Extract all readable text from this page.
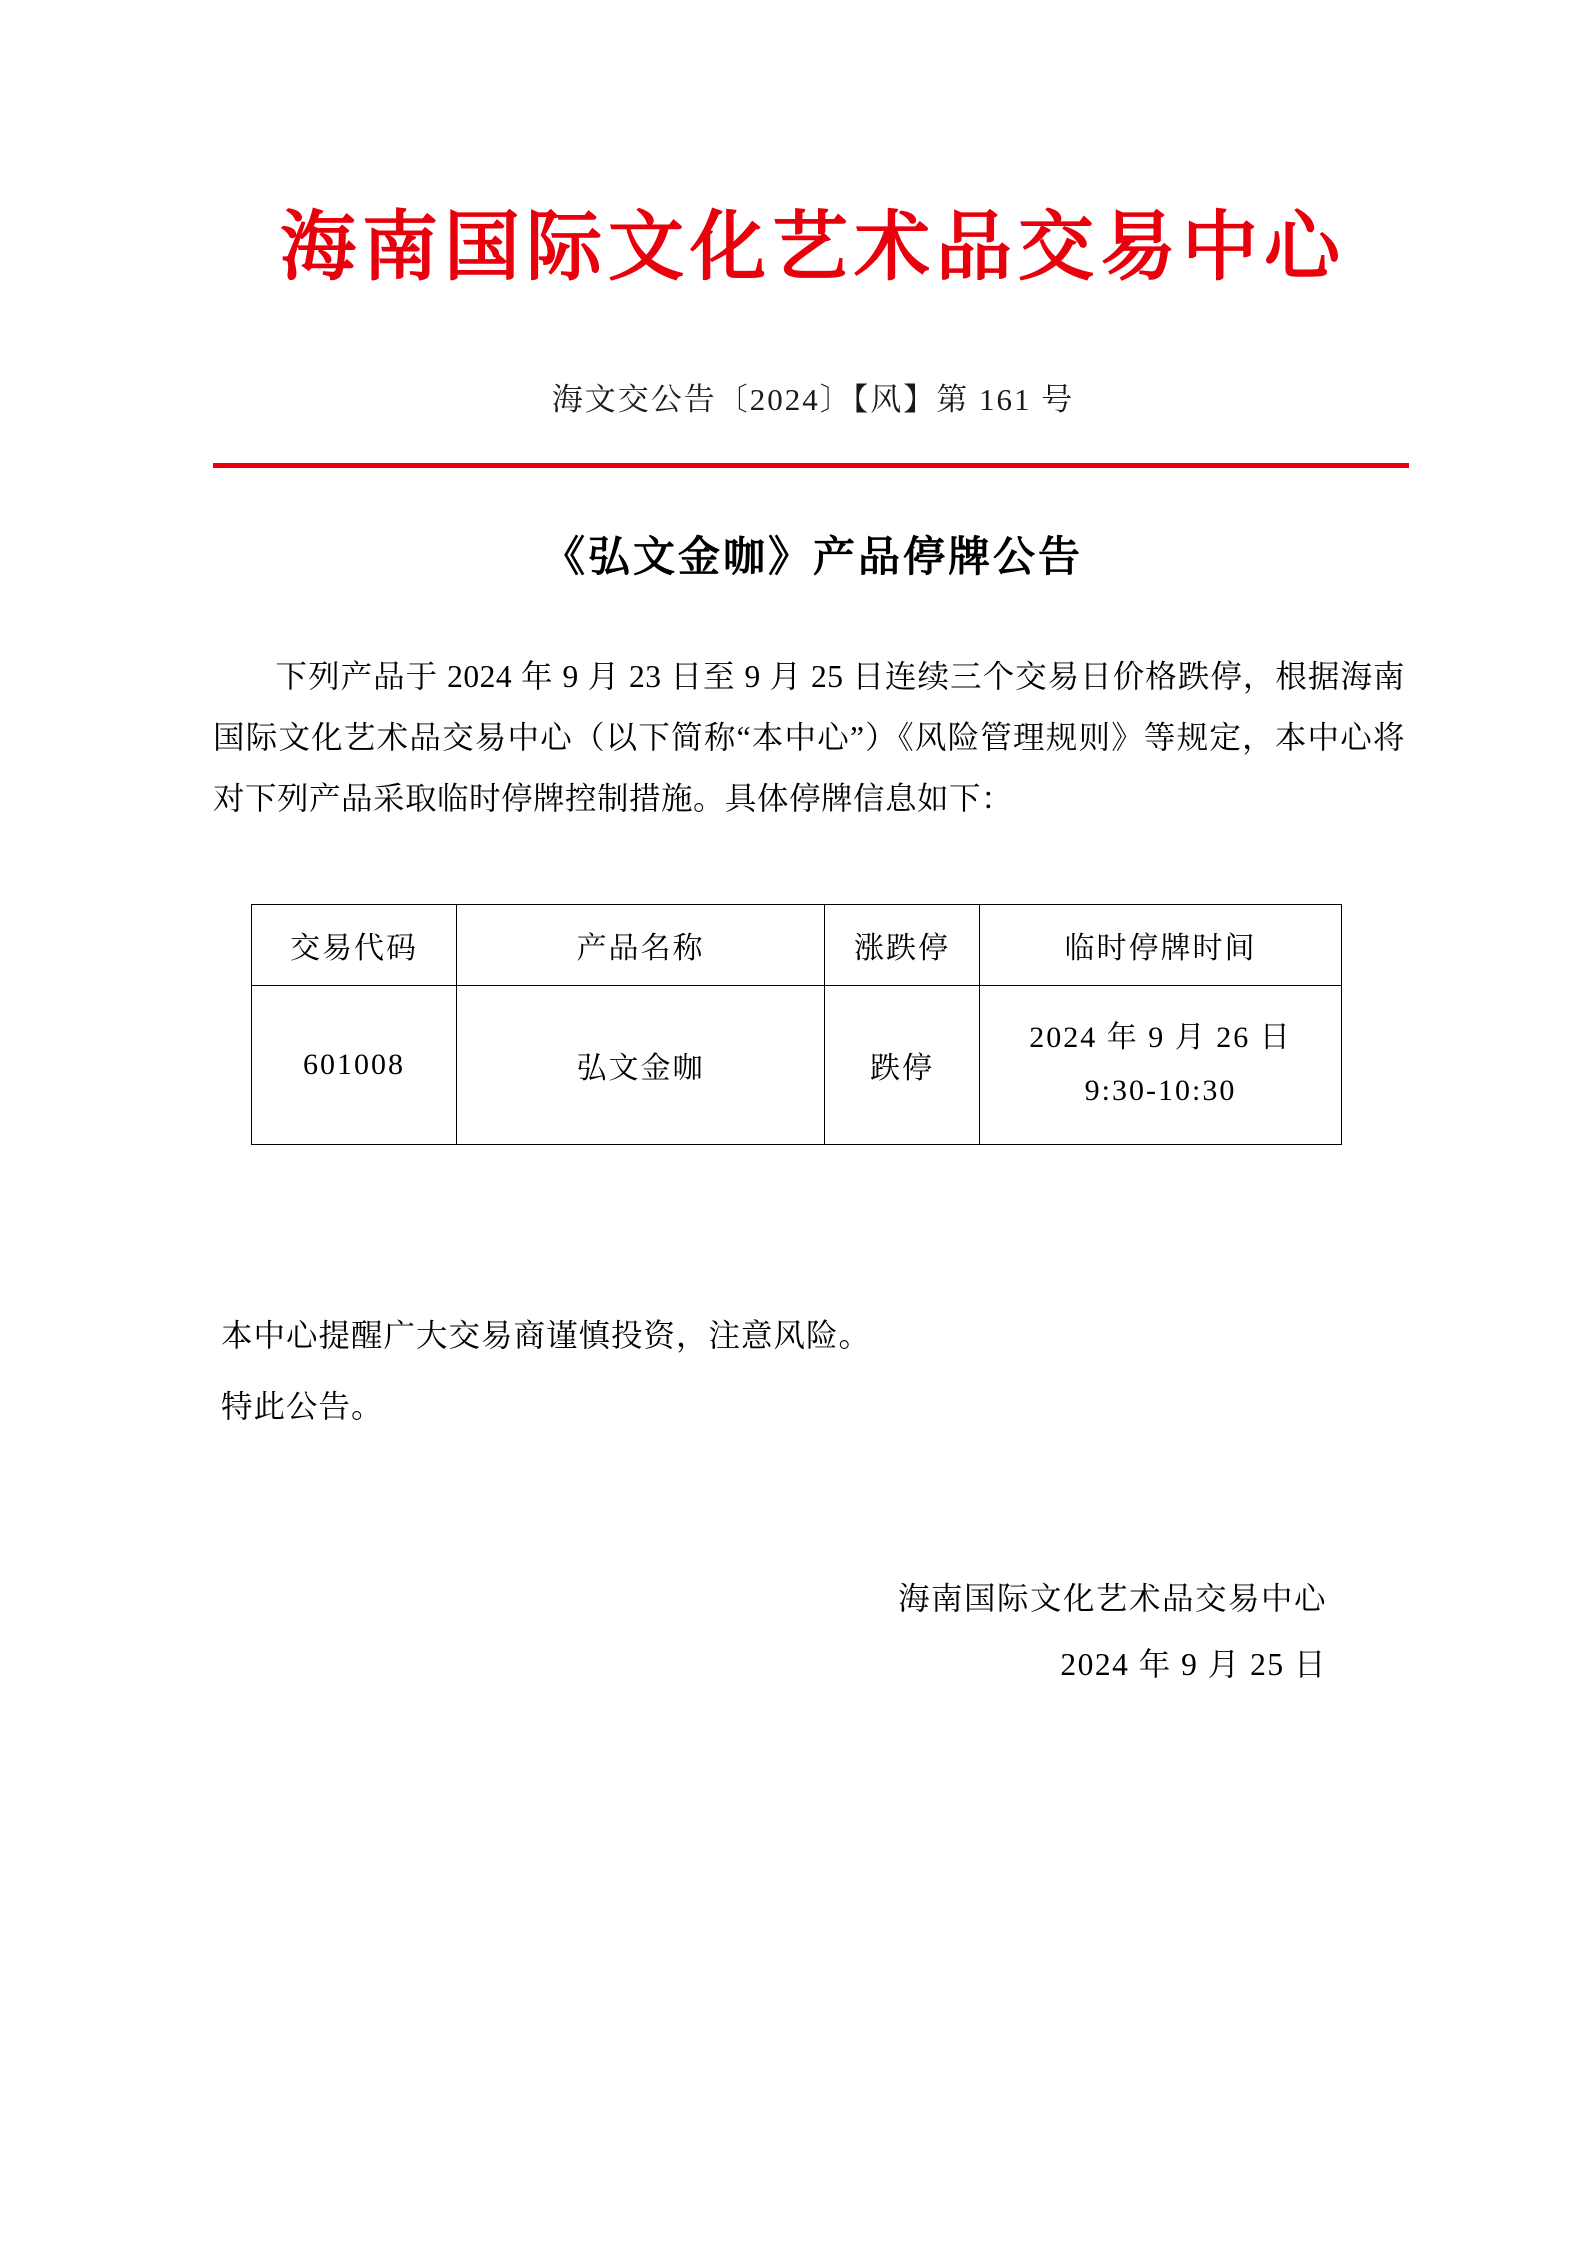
海南国际文化艺术品交易中心
海文交公告〔2024〕【风】第 161 号
《弘文金咖》产品停牌公告
下列产品于 2024 年 9 月 23 日至 9 月 25 日连续三个交易日价格跌停，根据海南国际文化艺术品交易中心（以下简称“本中心”）《风险管理规则》等规定，本中心将对下列产品采取临时停牌控制措施。具体停牌信息如下：
交易代码	产品名称	涨跌停	临时停牌时间
601008	弘文金咖	跌停	2024 年 9 月 26 日
9:30-10:30
本中心提醒广大交易商谨慎投资，注意风险。
特此公告。
海南国际文化艺术品交易中心
2024 年 9 月 25 日
